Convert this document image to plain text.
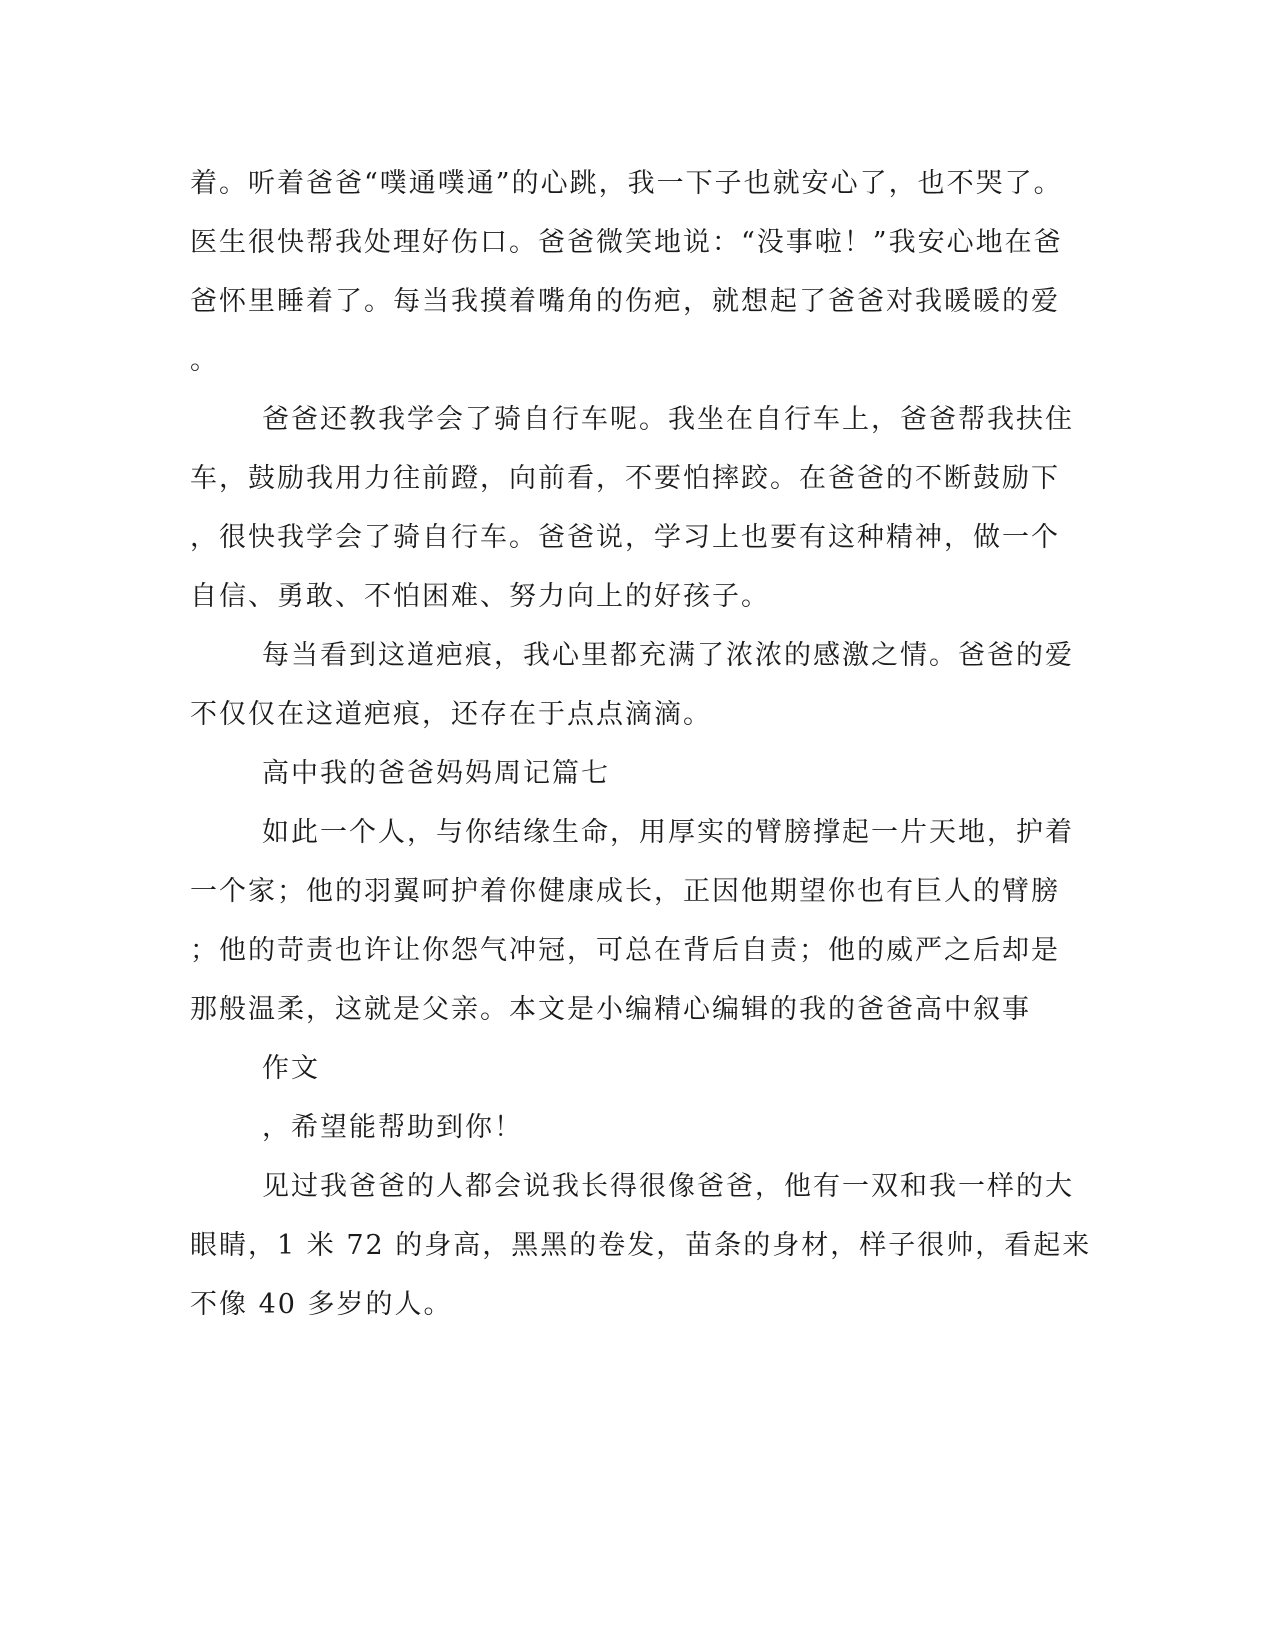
着。听着爸爸“噗通噗通”的心跳，我一下子也就安心了，也不哭了。
医生很快帮我处理好伤口。爸爸微笑地说：“没事啦！”我安心地在爸
爸怀里睡着了。每当我摸着嘴角的伤疤，就想起了爸爸对我暖暖的爱
。
爸爸还教我学会了骑自行车呢。我坐在自行车上，爸爸帮我扶住
车，鼓励我用力往前蹬，向前看，不要怕摔跤。在爸爸的不断鼓励下
，很快我学会了骑自行车。爸爸说，学习上也要有这种精神，做一个
自信、勇敢、不怕困难、努力向上的好孩子。
每当看到这道疤痕，我心里都充满了浓浓的感激之情。爸爸的爱
不仅仅在这道疤痕，还存在于点点滴滴。
高中我的爸爸妈妈周记篇七
如此一个人，与你结缘生命，用厚实的臂膀撑起一片天地，护着
一个家；他的羽翼呵护着你健康成长，正因他期望你也有巨人的臂膀
；他的苛责也许让你怨气冲冠，可总在背后自责；他的威严之后却是
那般温柔，这就是父亲。本文是小编精心编辑的我的爸爸高中叙事
作文
，希望能帮助到你！
见过我爸爸的人都会说我长得很像爸爸，他有一双和我一样的大
眼睛，1 米 72 的身高，黑黑的卷发，苗条的身材，样子很帅，看起来
不像 40 多岁的人。
